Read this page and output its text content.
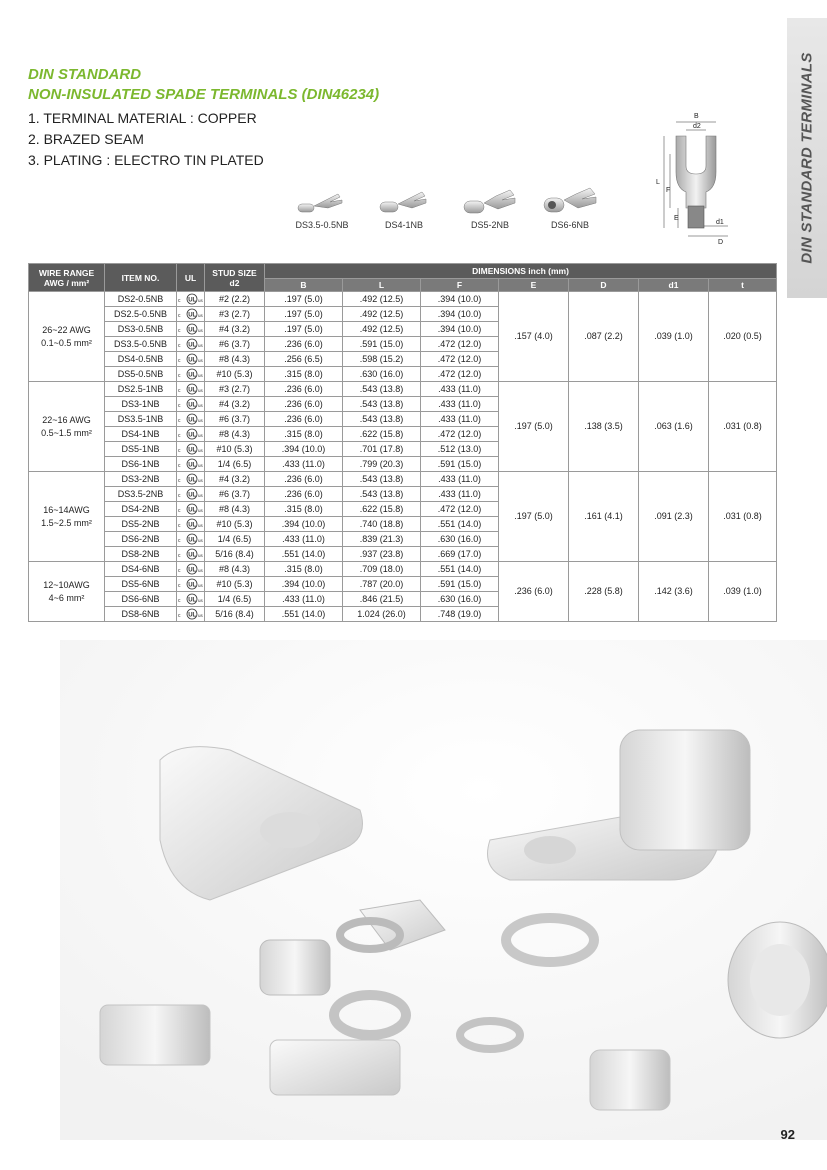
DIN STANDARD TERMINALS
DIN STANDARD
NON-INSULATED SPADE TERMINALS (DIN46234)
1. TERMINAL MATERIAL : COPPER
2. BRAZED SEAM
3. PLATING : ELECTRO TIN PLATED
DS3.5-0.5NB	DS4-1NB	DS5-2NB	DS6-6NB
B
d2
L
F
E
d1
D
WIRE RANGE
AWG / mm²	ITEM NO.	UL	STUD SIZE
d2	DIMENSIONS inch (mm)						
				B	L	F	E	D	d1	t
26~22 AWG
0.1~0.5 mm²	DS2-0.5NB	c UL us	#2 (2.2)	.197 (5.0)	.492 (12.5)	.394 (10.0)	.157 (4.0)	.087 (2.2)	.039 (1.0)	.020 (0.5)
	DS2.5-0.5NB	c UL us	#3 (2.7)	.197 (5.0)	.492 (12.5)	.394 (10.0)				
	DS3-0.5NB	c UL us	#4 (3.2)	.197 (5.0)	.492 (12.5)	.394 (10.0)				
	DS3.5-0.5NB	c UL us	#6 (3.7)	.236 (6.0)	.591 (15.0)	.472 (12.0)				
	DS4-0.5NB	c UL us	#8 (4.3)	.256 (6.5)	.598 (15.2)	.472 (12.0)				
	DS5-0.5NB	c UL us	#10 (5.3)	.315 (8.0)	.630 (16.0)	.472 (12.0)				
22~16 AWG
0.5~1.5 mm²	DS2.5-1NB	c UL us	#3 (2.7)	.236 (6.0)	.543 (13.8)	.433 (11.0)	.197 (5.0)	.138 (3.5)	.063 (1.6)	.031 (0.8)
	DS3-1NB	c UL us	#4 (3.2)	.236 (6.0)	.543 (13.8)	.433 (11.0)				
	DS3.5-1NB	c UL us	#6 (3.7)	.236 (6.0)	.543 (13.8)	.433 (11.0)				
	DS4-1NB	c UL us	#8 (4.3)	.315 (8.0)	.622 (15.8)	.472 (12.0)				
	DS5-1NB	c UL us	#10 (5.3)	.394 (10.0)	.701 (17.8)	.512 (13.0)				
	DS6-1NB	c UL us	1/4 (6.5)	.433 (11.0)	.799 (20.3)	.591 (15.0)				
16~14AWG
1.5~2.5 mm²	DS3-2NB	c UL us	#4 (3.2)	.236 (6.0)	.543 (13.8)	.433 (11.0)	.197 (5.0)	.161 (4.1)	.091 (2.3)	.031 (0.8)
	DS3.5-2NB	c UL us	#6 (3.7)	.236 (6.0)	.543 (13.8)	.433 (11.0)				
	DS4-2NB	c UL us	#8 (4.3)	.315 (8.0)	.622 (15.8)	.472 (12.0)				
	DS5-2NB	c UL us	#10 (5.3)	.394 (10.0)	.740 (18.8)	.551 (14.0)				
	DS6-2NB	c UL us	1/4 (6.5)	.433 (11.0)	.839 (21.3)	.630 (16.0)				
	DS8-2NB	c UL us	5/16 (8.4)	.551 (14.0)	.937 (23.8)	.669 (17.0)				
12~10AWG
4~6 mm²	DS4-6NB	c UL us	#8 (4.3)	.315 (8.0)	.709 (18.0)	.551 (14.0)	.236 (6.0)	.228 (5.8)	.142 (3.6)	.039 (1.0)
	DS5-6NB	c UL us	#10 (5.3)	.394 (10.0)	.787 (20.0)	.591 (15.0)				
	DS6-6NB	c UL us	1/4 (6.5)	.433 (11.0)	.846 (21.5)	.630 (16.0)				
	DS8-6NB	c UL us	5/16 (8.4)	.551 (14.0)	1.024 (26.0)	.748 (19.0)				
92
